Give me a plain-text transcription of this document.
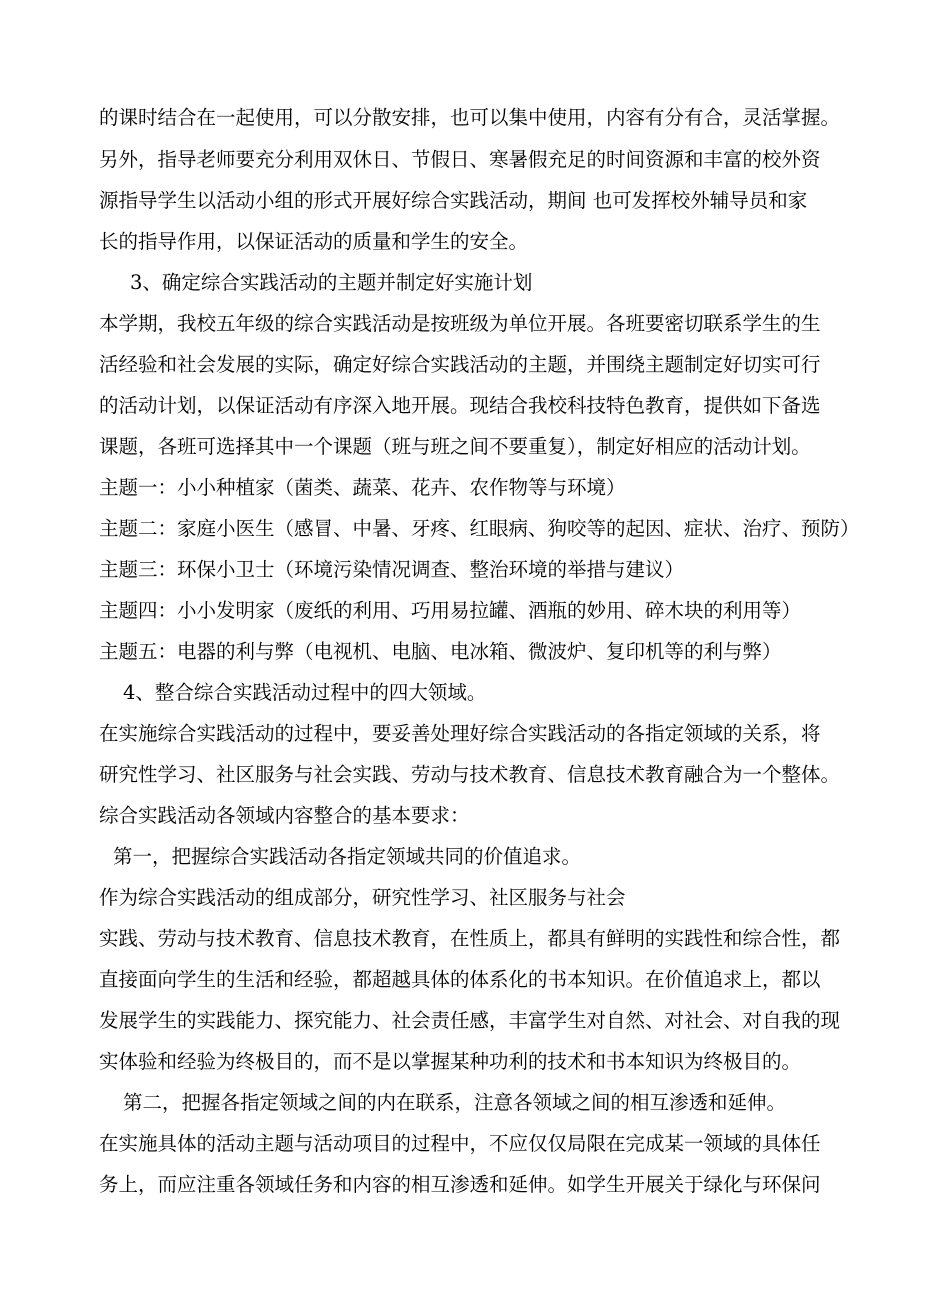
的课时结合在一起使用，可以分散安排，也可以集中使用，内容有分有合，灵活掌握。

另外，指导老师要充分利用双休日、节假日、寒暑假充足的时间资源和丰富的校外资

源指导学生以活动小组的形式开展好综合实践活动，期间 也可发挥校外辅导员和家

长的指导作用，以保证活动的质量和学生的安全。

3、确定综合实践活动的主题并制定好实施计划

本学期，我校五年级的综合实践活动是按班级为单位开展。各班要密切联系学生的生

活经验和社会发展的实际，确定好综合实践活动的主题，并围绕主题制定好切实可行

的活动计划，以保证活动有序深入地开展。现结合我校科技特色教育，提供如下备选

课题，各班可选择其中一个课题（班与班之间不要重复），制定好相应的活动计划。

主题一：小小种植家（菌类、蔬菜、花卉、农作物等与环境）

主题二：家庭小医生（感冒、中暑、牙疼、红眼病、狗咬等的起因、症状、治疗、预防）

主题三：环保小卫士（环境污染情况调查、整治环境的举措与建议）

主题四：小小发明家（废纸的利用、巧用易拉罐、酒瓶的妙用、碎木块的利用等）

主题五：电器的利与弊（电视机、电脑、电冰箱、微波炉、复印机等的利与弊）

4、整合综合实践活动过程中的四大领域。

在实施综合实践活动的过程中，要妥善处理好综合实践活动的各指定领域的关系，将

研究性学习、社区服务与社会实践、劳动与技术教育、信息技术教育融合为一个整体。

综合实践活动各领域内容整合的基本要求：

第一，把握综合实践活动各指定领域共同的价值追求。

作为综合实践活动的组成部分，研究性学习、社区服务与社会

实践、劳动与技术教育、信息技术教育，在性质上，都具有鲜明的实践性和综合性，都

直接面向学生的生活和经验，都超越具体的体系化的书本知识。在价值追求上，都以

发展学生的实践能力、探究能力、社会责任感，丰富学生对自然、对社会、对自我的现

实体验和经验为终极目的，而不是以掌握某种功利的技术和书本知识为终极目的。

第二，把握各指定领域之间的内在联系，注意各领域之间的相互渗透和延伸。

在实施具体的活动主题与活动项目的过程中，不应仅仅局限在完成某一领域的具体任

务上，而应注重各领域任务和内容的相互渗透和延伸。如学生开展关于绿化与环保问
